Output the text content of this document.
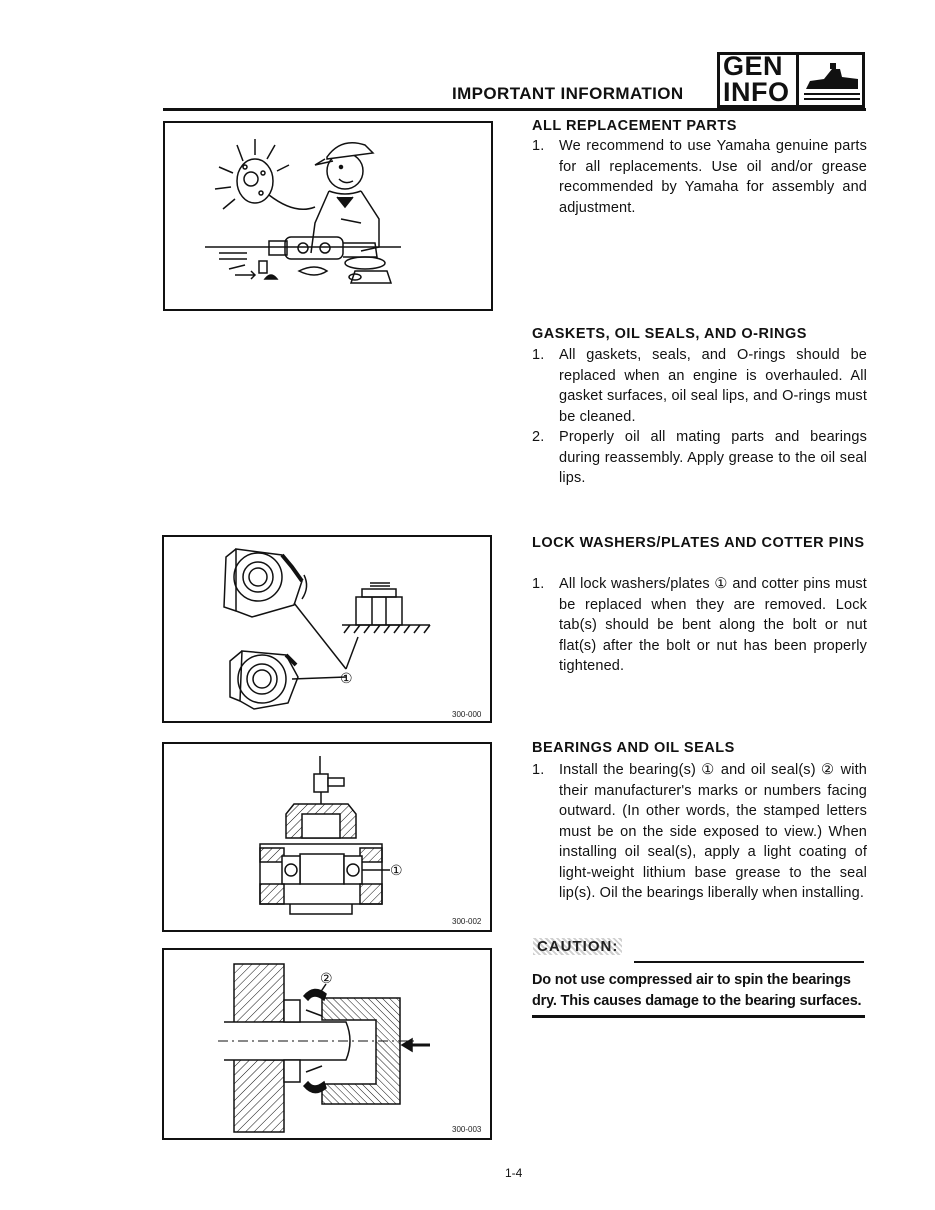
IMPORTANT INFORMATION
GEN
INFO
ALL REPLACEMENT PARTS
1. We recommend to use Yamaha genuine parts for all replacements. Use oil and/or grease recommended by Yamaha for assembly and adjustment.
GASKETS, OIL SEALS, AND O-RINGS
1. All gaskets, seals, and O-rings should be replaced when an engine is overhauled. All gasket surfaces, oil seal lips, and O-rings must be cleaned.
2. Properly oil all mating parts and bearings during reassembly. Apply grease to the oil seal lips.
①
300-000
LOCK WASHERS/PLATES AND COTTER PINS
1. All lock washers/plates ① and cotter pins must be replaced when they are removed. Lock tab(s) should be bent along the bolt or nut flat(s) after the bolt or nut has been properly tightened.
①
300-002
BEARINGS AND OIL SEALS
1. Install the bearing(s) ① and oil seal(s) ② with their manufacturer's marks or numbers facing outward. (In other words, the stamped letters must be on the side exposed to view.) When installing oil seal(s), apply a light coating of light-weight lithium base grease to the seal lip(s). Oil the bearings liberally when installing.
CAUTION:
Do not use compressed air to spin the bearings dry. This causes damage to the bearing surfaces.
②
300-003
1-4
